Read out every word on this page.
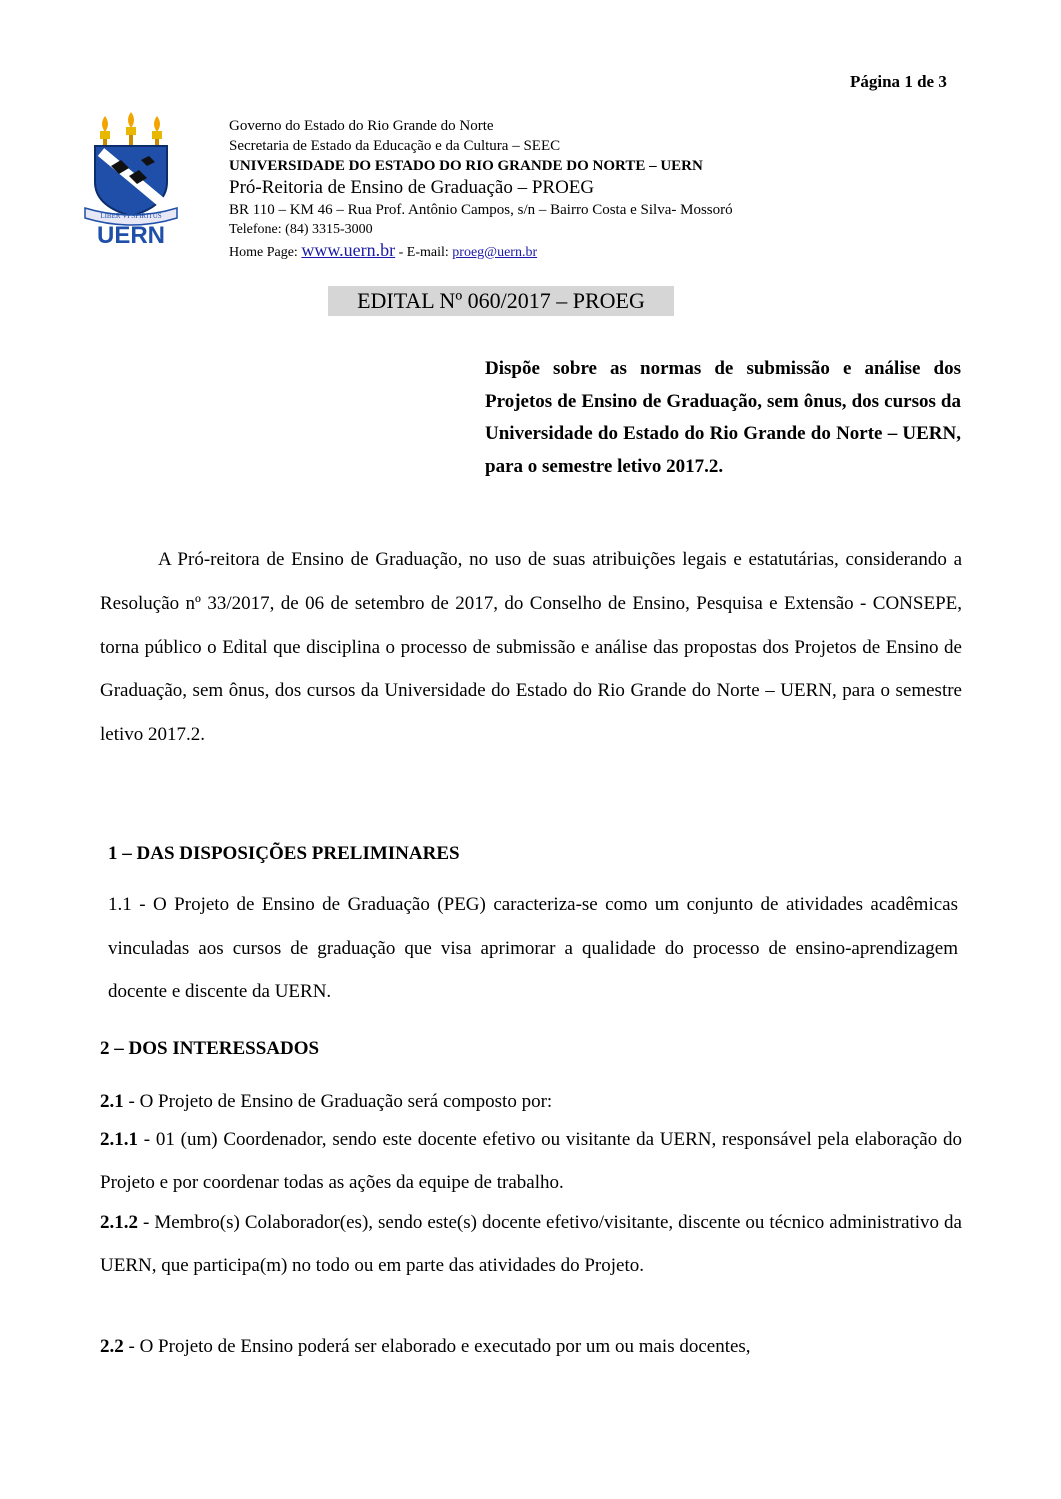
Página 1 de 3
LIBER VI SPIRITUS
UERN
Governo do Estado do Rio Grande do Norte
Secretaria de Estado da Educação e da Cultura – SEEC
UNIVERSIDADE DO ESTADO DO RIO GRANDE DO NORTE – UERN
Pró-Reitoria de Ensino de Graduação – PROEG
BR 110 – KM 46 – Rua Prof. Antônio Campos, s/n – Bairro Costa e Silva- Mossoró
Telefone: (84) 3315-3000
Home Page: www.uern.br - E-mail: proeg@uern.br
EDITAL Nº 060/2017 – PROEG
Dispõe sobre as normas de submissão e análise dos Projetos de Ensino de Graduação, sem ônus, dos cursos da Universidade do Estado do Rio Grande do Norte – UERN, para o semestre letivo 2017.2.
A Pró-reitora de Ensino de Graduação, no uso de suas atribuições legais e estatutárias, considerando a Resolução nº 33/2017, de 06 de setembro de 2017, do Conselho de Ensino, Pesquisa e Extensão - CONSEPE, torna público o Edital que disciplina o processo de submissão e análise das propostas dos Projetos de Ensino de Graduação, sem ônus, dos cursos da Universidade do Estado do Rio Grande do Norte – UERN, para o semestre letivo 2017.2.
1 – DAS DISPOSIÇÕES PRELIMINARES
1.1 - O Projeto de Ensino de Graduação (PEG) caracteriza-se como um conjunto de atividades acadêmicas vinculadas aos cursos de graduação que visa aprimorar a qualidade do processo de ensino-aprendizagem docente e discente da UERN.
2 – DOS INTERESSADOS
2.1 - O Projeto de Ensino de Graduação será composto por:
2.1.1 - 01 (um) Coordenador, sendo este docente efetivo ou visitante da UERN, responsável pela elaboração do Projeto e por coordenar todas as ações da equipe de trabalho.
2.1.2 - Membro(s) Colaborador(es), sendo este(s) docente efetivo/visitante, discente ou técnico administrativo da UERN, que participa(m) no todo ou em parte das atividades do Projeto.
2.2 - O Projeto de Ensino poderá ser elaborado e executado por um ou mais docentes,
